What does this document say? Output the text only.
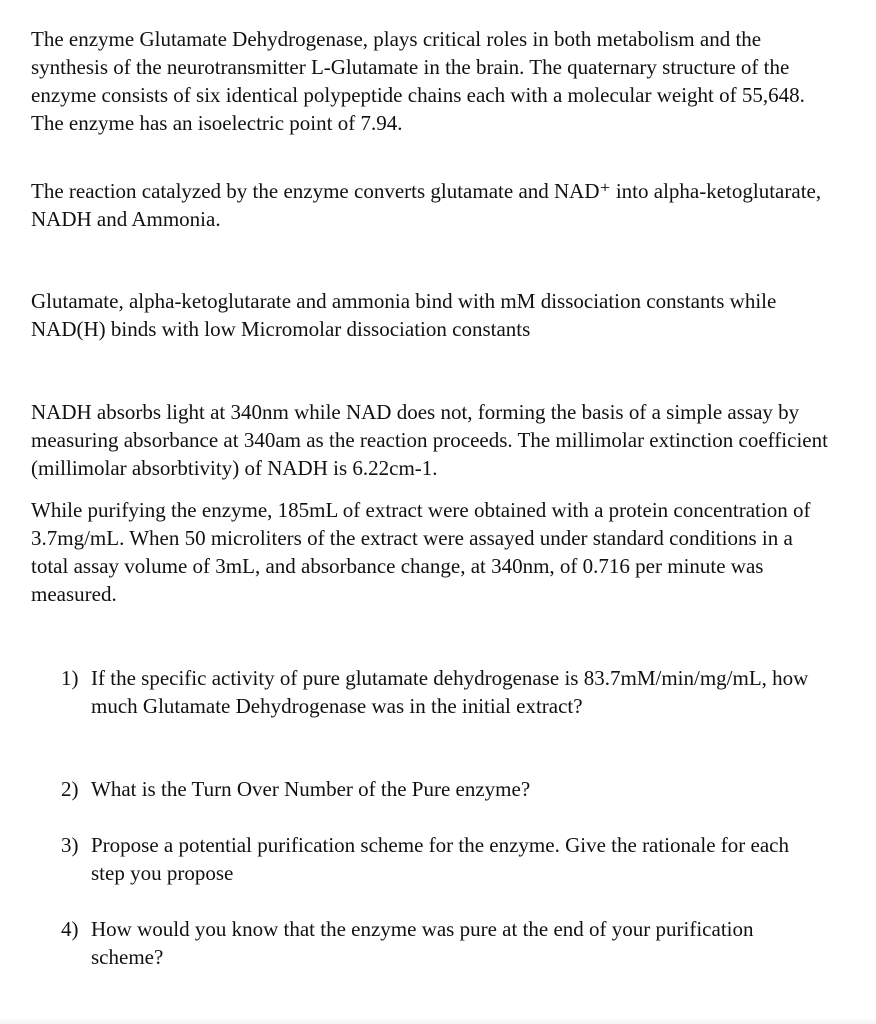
The enzyme Glutamate Dehydrogenase, plays critical roles in both metabolism and the synthesis of the neurotransmitter L-Glutamate in the brain. The quaternary structure of the enzyme consists of six identical polypeptide chains each with a molecular weight of 55,648. The enzyme has an isoelectric point of 7.94.

The reaction catalyzed by the enzyme converts glutamate and NAD⁺ into alpha-ketoglutarate, NADH and Ammonia.

Glutamate, alpha-ketoglutarate and ammonia bind with mM dissociation constants while NAD(H) binds with low Micromolar dissociation constants

NADH absorbs light at 340nm while NAD does not, forming the basis of a simple assay by measuring absorbance at 340am as the reaction proceeds. The millimolar extinction coefficient (millimolar absorbtivity) of NADH is 6.22cm-1.

While purifying the enzyme, 185mL of extract were obtained with a protein concentration of 3.7mg/mL. When 50 microliters of the extract were assayed under standard conditions in a total assay volume of 3mL, and absorbance change, at 340nm, of 0.716 per minute was measured.

1) If the specific activity of pure glutamate dehydrogenase is 83.7mM/min/mg/mL, how much Glutamate Dehydrogenase was in the initial extract?
2) What is the Turn Over Number of the Pure enzyme?
3) Propose a potential purification scheme for the enzyme. Give the rationale for each step you propose
4) How would you know that the enzyme was pure at the end of your purification scheme?
